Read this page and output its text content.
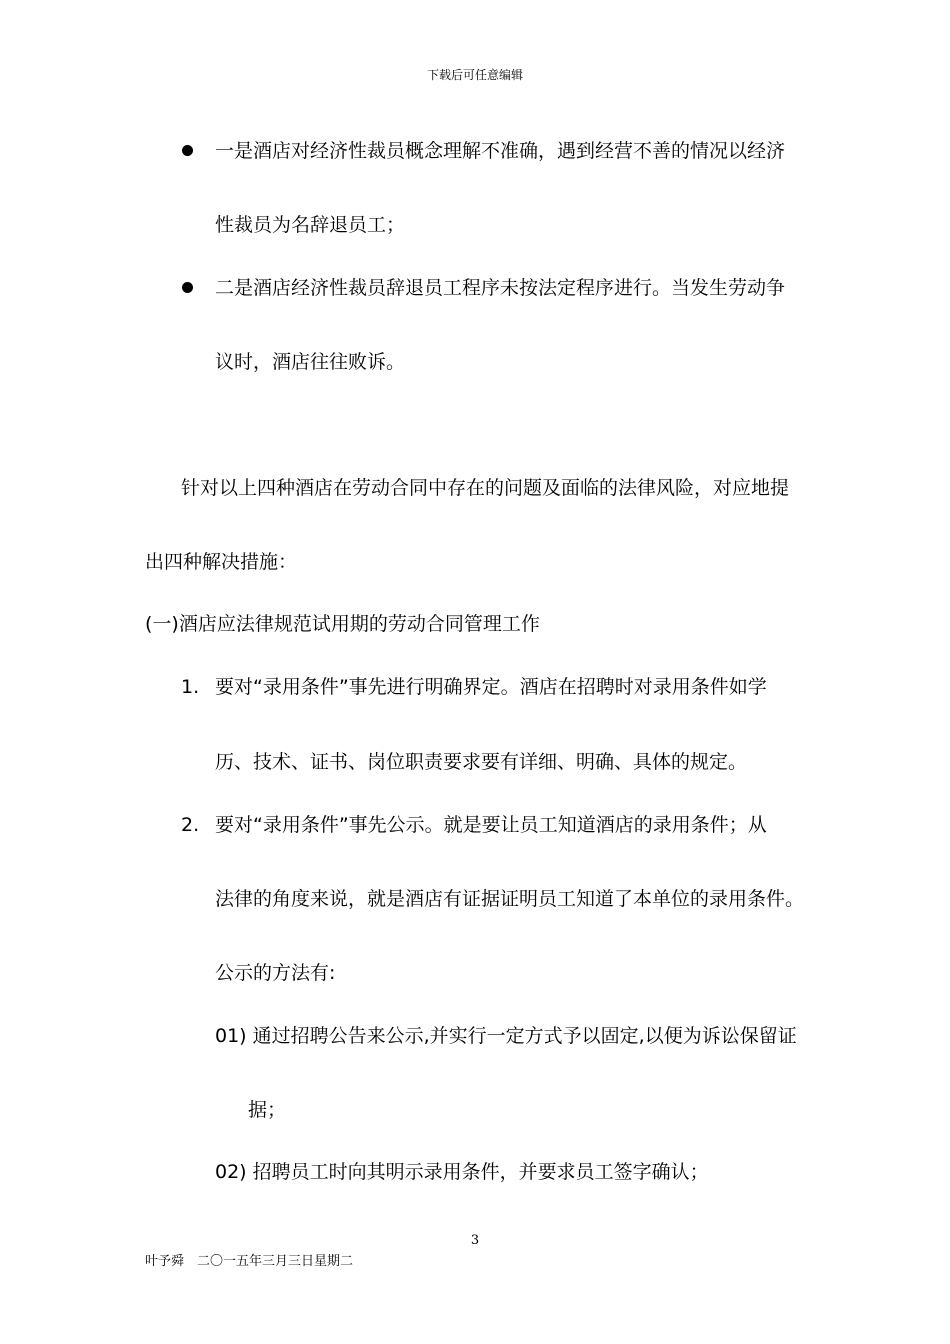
下载后可任意编辑
一是酒店对经济性裁员概念理解不准确，遇到经营不善的情况以经济
性裁员为名辞退员工；
二是酒店经济性裁员辞退员工程序未按法定程序进行。当发生劳动争
议时，酒店往往败诉。
针对以上四种酒店在劳动合同中存在的问题及面临的法律风险，对应地提
出四种解决措施：
(一)酒店应法律规范试用期的劳动合同管理工作
1. 要对“录用条件”事先进行明确界定。酒店在招聘时对录用条件如学
历、技术、证书、岗位职责要求要有详细、明确、具体的规定。
2. 要对“录用条件”事先公示。就是要让员工知道酒店的录用条件；从
法律的角度来说，就是酒店有证据证明员工知道了本单位的录用条件。
公示的方法有:
01) 通过招聘公告来公示,并实行一定方式予以固定,以便为诉讼保留证
据；
02) 招聘员工时向其明示录用条件，并要求员工签字确认；
3
叶予舜　二〇一五年三月三日星期二
